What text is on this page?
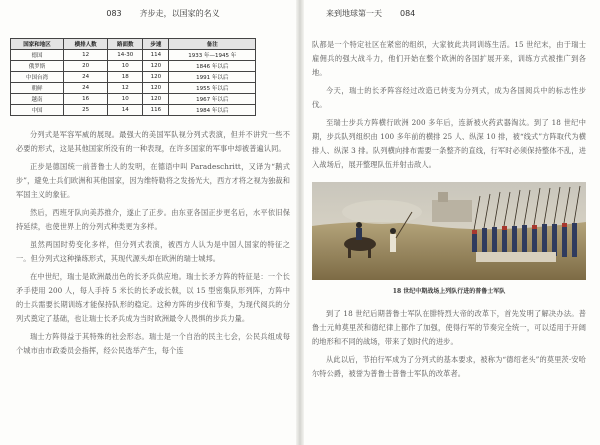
083 齐步走，以国家的名义
国家和地区	横排人数	路面数	步速	备注
德国	12	14-30	114	1933 年—1945 年
俄罗斯	20	10	120	1846 年以后
中国台湾	24	18	120	1991 年以后
朝鲜	24	12	120	1955 年以后
越南	16	10	120	1967 年以后
中国	25	14	116	1984 年以后

分列式是军容军威的展现。最强大的美国军队视分列式表演，但并不讲究一些不必要的形式，这是其他国家所没有的一种表现，在许多国家的军事中却被普遍认同。

正步是德国统一前普鲁士人的发明，在德语中叫 Paradeschritt，又译为“鹅式步”，避免士兵们欧洲和其他国家，因为维特勒将之发扬光大，西方才将之视为独裁和军国主义的象征。

然后，西班牙队向美苏推介，遂止了正步。由东亚各国正步更名后，水平依旧保持延续，也使世界上的分列式种类更为多样。

虽然两国时势变化多样，但分列式表演，被西方人认为是中国人国家的特征之一。但分列式这种操练形式，其现代源头却在欧洲的瑞士城邦。

在中世纪，瑞士是欧洲最出色的长矛兵供应地。瑞士长矛方阵的特征是：一个长矛手使用 200 人，每人手持 5 米长的长矛或长戟，以 15 型密集队形列阵，方阵中的士兵需要长期训练才能保持队形的稳定。这种方阵的步伐和节奏，为现代阅兵的分列式奠定了基础，也让瑞士长矛兵成为当时欧洲最令人畏惧的步兵力量。

瑞士方阵得益于其特殊的社会形态。瑞士是一个自治的民主七会，公民兵组成每个城市由市政委员会指挥，经公民选举产生，每个连

来到地球第一天 084

队都是一个特定社区在紧密的组织，大家彼此共同训练生活。15 世纪末，由于瑞士雇佣兵的强大战斗力，他们开始在整个欧洲的各国扩展开来，训练方式被推广到各地。

今天，瑞士的长矛阵容经过改造已转变为分列式，成为各国阅兵中的标志性步伐。

至瑞士步兵方阵横行欧洲 200 多年后，连新被火药武器淘汰。到了 18 世纪中期，步兵队列组织由 100 多年前的横排 25 人、纵深 10 排，被“线式”方阵取代为横排人、纵深 3 排。队列横向排布需要一条整齐的直线，行军时必须保持整体不乱，进入战场后，展开整理队伍并射击敌人。

18 世纪中期战场上列队行进的普鲁士军队

到了 18 世纪后期普鲁士军队在腓特烈大帝的改革下，首先发明了解决办法。普鲁士元帅莫里茨和德纪律上都作了加强，使得行军的节奏完全统一，可以适用于开阔的地形和不同的战场，带来了划时代的进步。

从此以后，节拍行军成为了分列式的基本要求，被称为“德绍老头”的莫里茨·安哈尔特公爵，被誉为普鲁士普鲁士军队的改革者。
